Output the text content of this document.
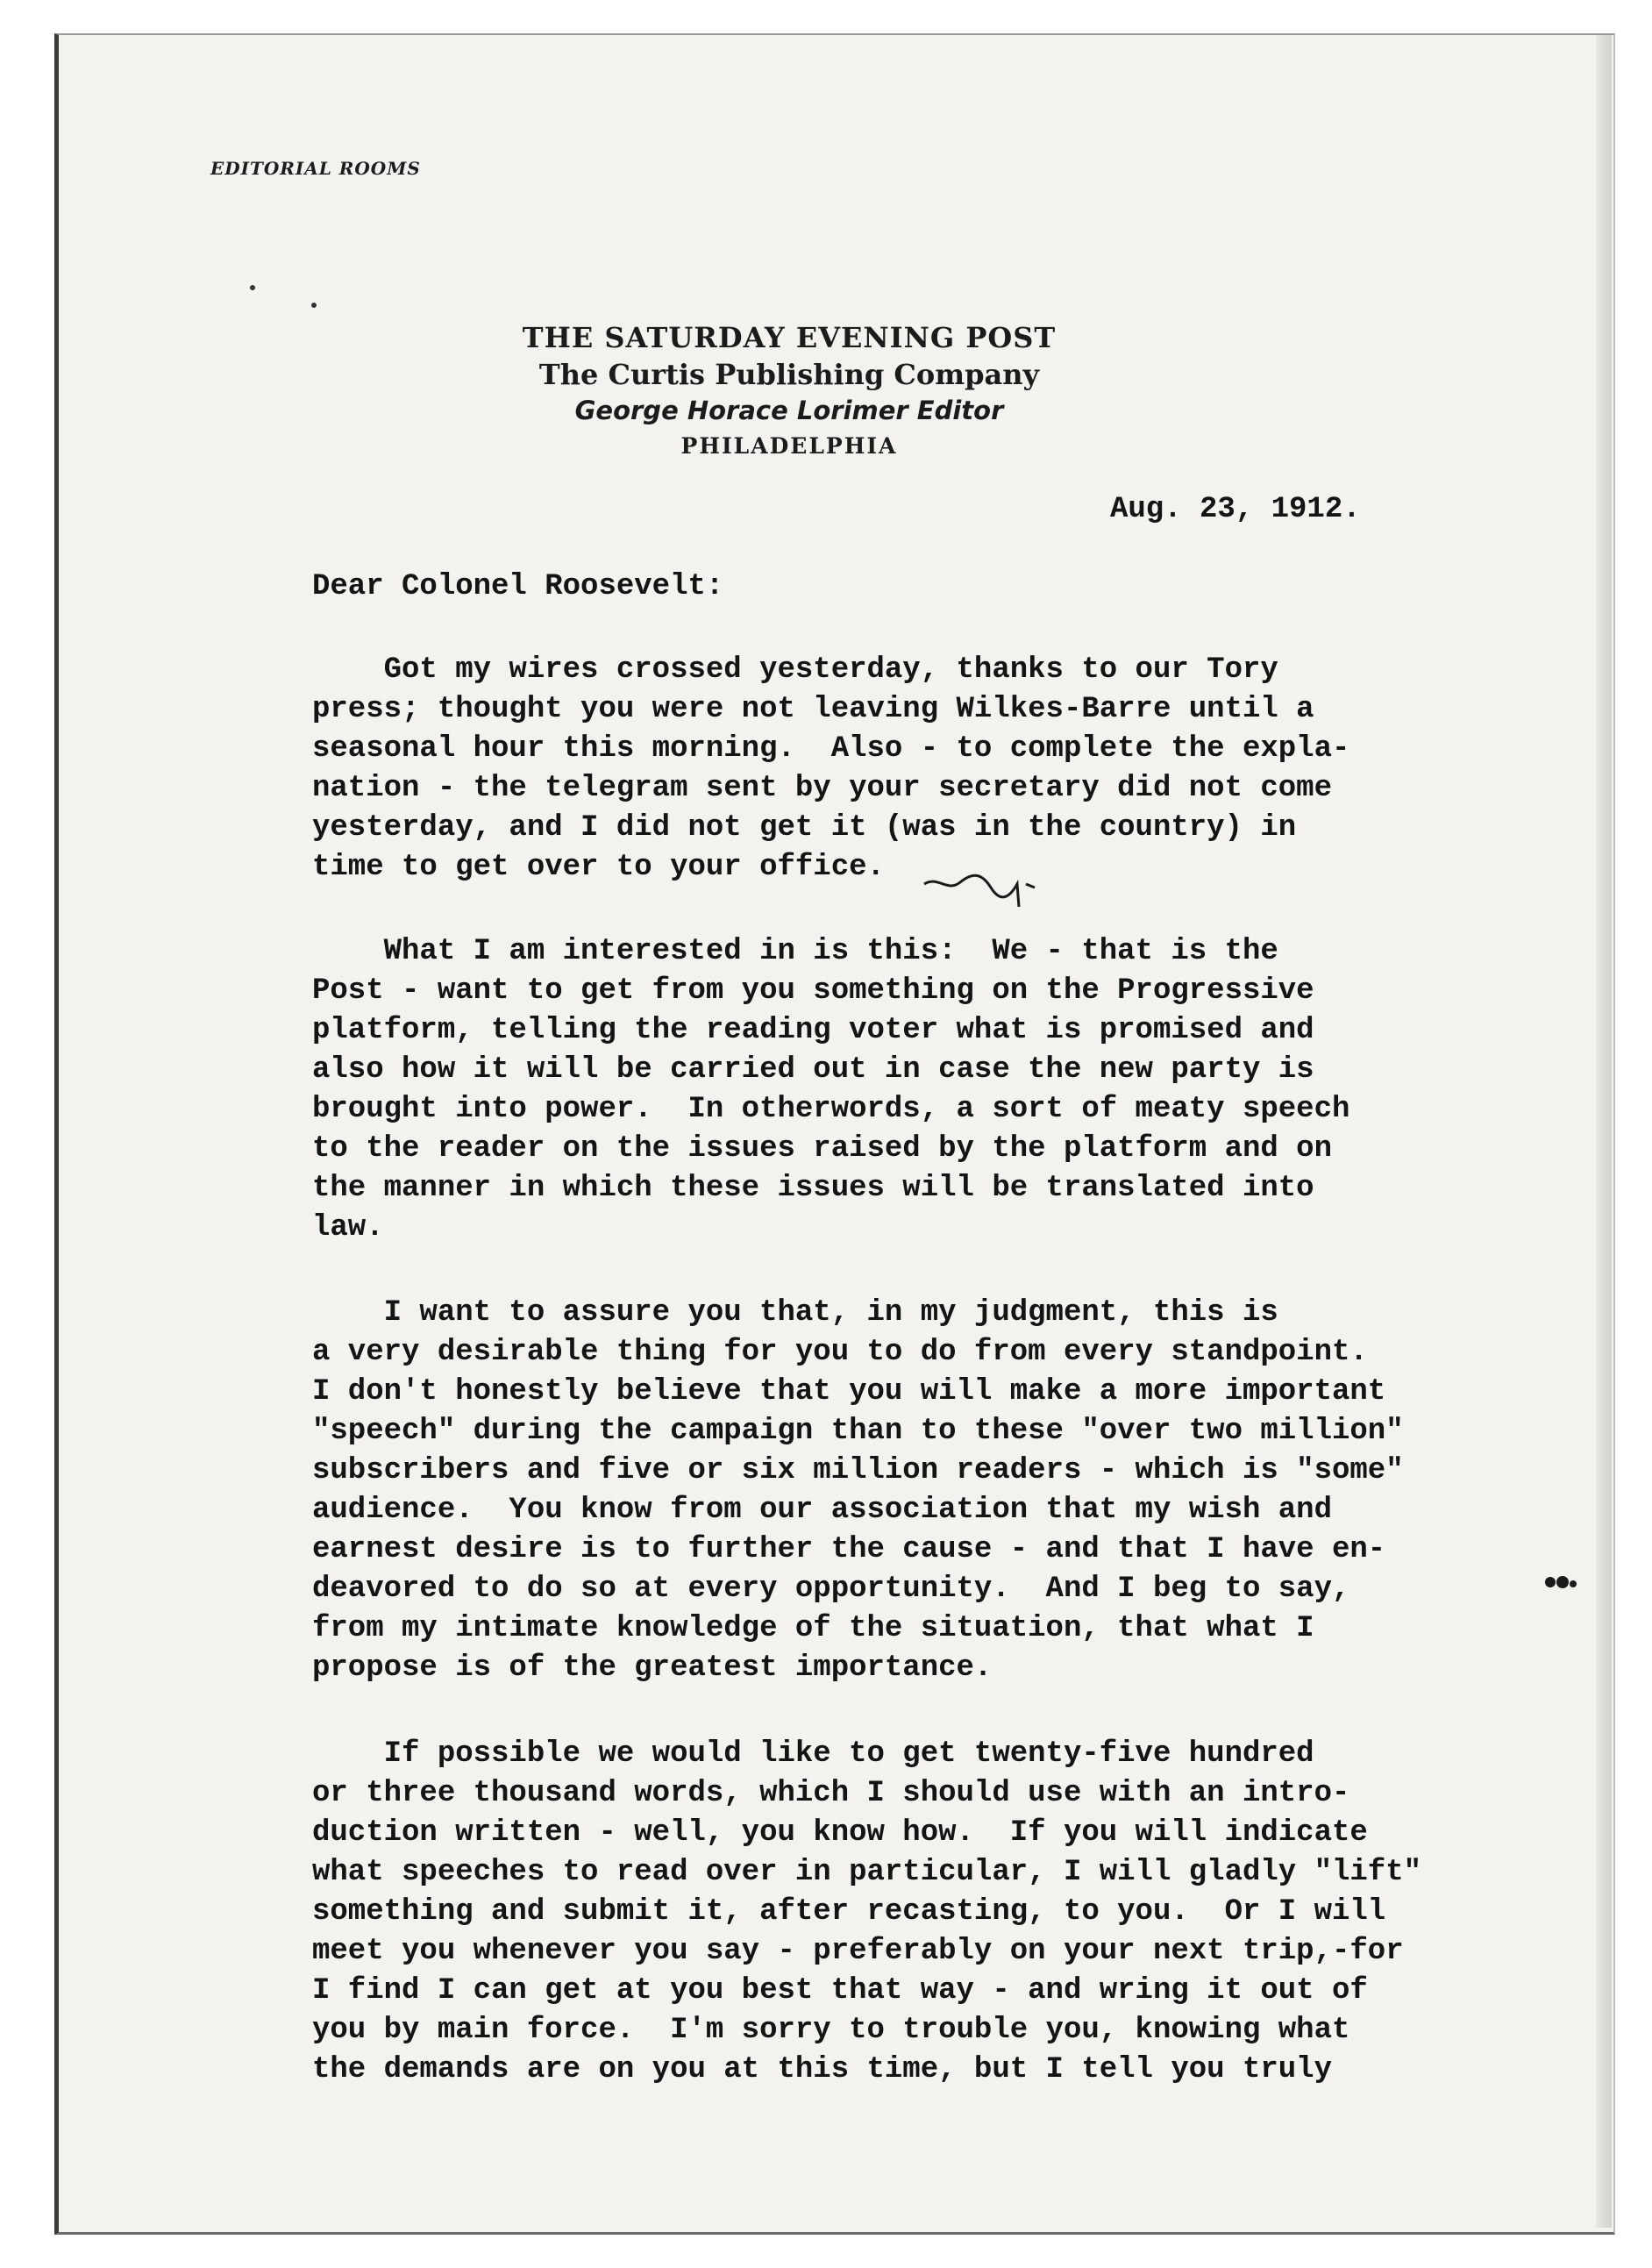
EDITORIAL ROOMS
THE SATURDAY EVENING POST
The Curtis Publishing Company
George Horace Lorimer Editor
PHILADELPHIA
Aug. 23, 1912.
Dear Colonel Roosevelt:
Got my wires crossed yesterday, thanks to our Tory
press; thought you were not leaving Wilkes-Barre until a
seasonal hour this morning.  Also - to complete the expla-
nation - the telegram sent by your secretary did not come
yesterday, and I did not get it (was in the country) in
time to get over to your office.
What I am interested in is this:  We - that is the
Post - want to get from you something on the Progressive
platform, telling the reading voter what is promised and
also how it will be carried out in case the new party is
brought into power.  In otherwords, a sort of meaty speech
to the reader on the issues raised by the platform and on
the manner in which these issues will be translated into
law.
I want to assure you that, in my judgment, this is
a very desirable thing for you to do from every standpoint.
I don't honestly believe that you will make a more important
"speech" during the campaign than to these "over two million"
subscribers and five or six million readers - which is "some"
audience.  You know from our association that my wish and
earnest desire is to further the cause - and that I have en-
deavored to do so at every opportunity.  And I beg to say,
from my intimate knowledge of the situation, that what I
propose is of the greatest importance.
If possible we would like to get twenty-five hundred
or three thousand words, which I should use with an intro-
duction written - well, you know how.  If you will indicate
what speeches to read over in particular, I will gladly "lift"
something and submit it, after recasting, to you.  Or I will
meet you whenever you say - preferably on your next trip,-for
I find I can get at you best that way - and wring it out of
you by main force.  I'm sorry to trouble you, knowing what
the demands are on you at this time, but I tell you truly
